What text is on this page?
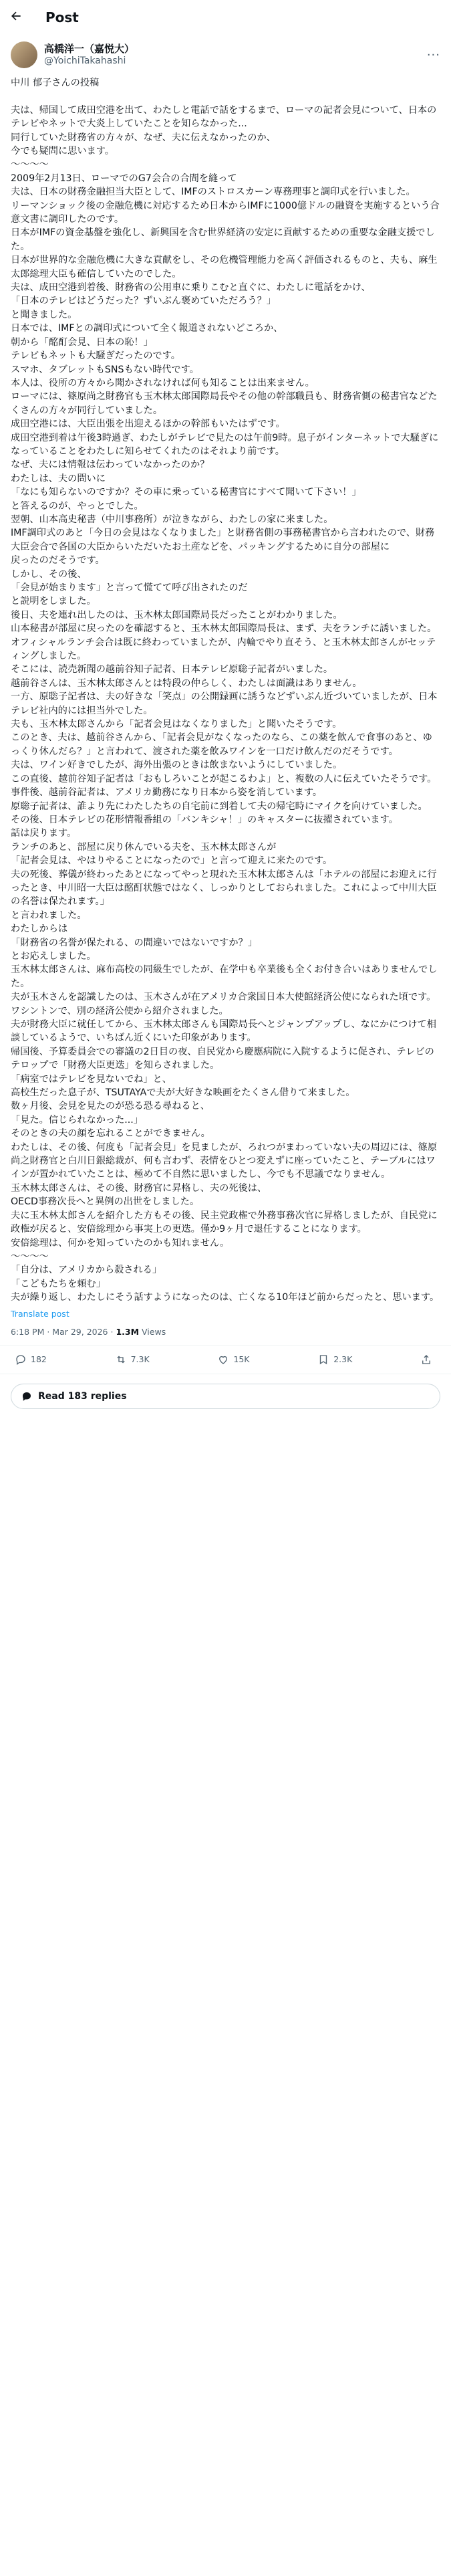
Post
高橋洋一（嘉悦大）
@YoichiTakahashi	···
中川 郁子さんの投稿
夫は、帰国して成田空港を出て、わたしと電話で話をするまで、ローマの記者会見について、日本のテレビやネットで大炎上していたことを知らなかった...
同行していた財務省の方々が、なぜ、夫に伝えなかったのか、
今でも疑問に思います。
〜〜〜〜
2009年2月13日、ローマでのG7会合の合間を縫って
夫は、日本の財務金融担当大臣として、IMFのストロスカーン専務理事と調印式を行いました。
リーマンショック後の金融危機に対応するため日本からIMFに1000億ドルの融資を実施するという合意文書に調印したのです。
日本がIMFの資金基盤を強化し、新興国を含む世界経済の安定に貢献するための重要な金融支援でした。
日本が世界的な金融危機に大きな貢献をし、その危機管理能力を高く評価されるものと、夫も、麻生太郎総理大臣も確信していたのでした。
夫は、成田空港到着後、財務省の公用車に乗りこむと直ぐに、わたしに電話をかけ、
「日本のテレビはどうだった？ずいぶん褒めていただろう？」
と聞きました。
日本では、IMFとの調印式について全く報道されないどころか、
朝から「酩酊会見、日本の恥！」
テレビもネットも大騒ぎだったのです。
スマホ、タブレットもSNSもない時代です。
本人は、役所の方々から聞かされなければ何も知ることは出来ません。
ローマには、篠原尚之財務官も玉木林太郎国際局長やその他の幹部職員も、財務省側の秘書官などたくさんの方々が同行していました。
成田空港には、大臣出張を出迎えるほかの幹部もいたはずです。
成田空港到着は午後3時過ぎ、わたしがテレビで見たのは午前9時。息子がインターネットで大騒ぎになっていることをわたしに知らせてくれたのはそれより前です。
なぜ、夫には情報は伝わっていなかったのか？
わたしは、夫の問いに
「なにも知らないのですか？その車に乗っている秘書官にすべて聞いて下さい！」
と答えるのが、やっとでした。
翌朝、山本高史秘書（中川事務所）が泣きながら、わたしの家に来ました。
IMF調印式のあと「今日の会見はなくなりました」と財務省側の事務秘書官から言われたので、財務大臣会合で各国の大臣からいただいたお土産などを、パッキングするために自分の部屋に
戻ったのだそうです。
しかし、その後、
「会見が始まります」と言って慌てて呼び出されたのだ
と説明をしました。
後日、夫を連れ出したのは、玉木林太郎国際局長だったことがわかりました。
山本秘書が部屋に戻ったのを確認すると、玉木林太郎国際局長は、まず、夫をランチに誘いました。
オフィシャルランチ会合は既に終わっていましたが、内輪でやり直そう、と玉木林太郎さんがセッティングしました。
そこには、読売新聞の越前谷知子記者、日本テレビ原聡子記者がいました。
越前谷さんは、玉木林太郎さんとは特段の仲らしく、わたしは面識はありません。
一方、原聡子記者は、夫の好きな「笑点」の公開録画に誘うなどずいぶん近づいていましたが、日本テレビ社内的には担当外でした。
夫も、玉木林太郎さんから「記者会見はなくなりました」と聞いたそうです。
このとき、夫は、越前谷さんから、「記者会見がなくなったのなら、この薬を飲んで食事のあと、ゆっくり休んだら？」と言われて、渡された薬を飲みワインを一口だけ飲んだのだそうです。
夫は、ワイン好きでしたが、海外出張のときは飲まないようにしていました。
この直後、越前谷知子記者は「おもしろいことが起こるわよ」と、複数の人に伝えていたそうです。
事件後、越前谷記者は、アメリカ勤務になり日本から姿を消しています。
原聡子記者は、誰より先にわたしたちの自宅前に到着して夫の帰宅時にマイクを向けていました。
その後、日本テレビの花形情報番組の「バンキシャ！」のキャスターに抜擢されています。
話は戻ります。
ランチのあと、部屋に戻り休んでいる夫を、玉木林太郎さんが
「記者会見は、やはりやることになったので」と言って迎えに来たのです。
夫の死後、葬儀が終わったあとになってやっと現れた玉木林太郎さんは「ホテルの部屋にお迎えに行ったとき、中川昭一大臣は酩酊状態ではなく、しっかりとしておられました。これによって中川大臣の名誉は保たれます。」
と言われました。
わたしからは
「財務省の名誉が保たれる、の間違いではないですか？」
とお応えしました。
玉木林太郎さんは、麻布高校の同級生でしたが、在学中も卒業後も全くお付き合いはありませんでした。
夫が玉木さんを認識したのは、玉木さんが在アメリカ合衆国日本大使館経済公使になられた頃です。
ワシントンで、別の経済公使から紹介されました。
夫が財務大臣に就任してから、玉木林太郎さんも国際局長へとジャンプアップし、なにかにつけて相談しているようで、いちばん近くにいた印象があります。
帰国後、予算委員会での審議の2日目の夜、自民党から慶應病院に入院するように促され、テレビのテロップで「財務大臣更迭」を知らされました。
「病室ではテレビを見ないでね」と、
高校生だった息子が、TSUTAYAで夫が大好きな映画をたくさん借りて来ました。
数ヶ月後、会見を見たのが恐る恐る尋ねると、
「見た。信じられなかった...」
そのときの夫の顔を忘れることができません。
わたしは、その後、何度も「記者会見」を見ましたが、ろれつがまわっていない夫の周辺には、篠原尚之財務官と白川日銀総裁が、何も言わず、表情をひとつ変えずに座っていたこと、テーブルにはワインが置かれていたことは、極めて不自然に思いましたし、今でも不思議でなりません。
玉木林太郎さんは、その後、財務官に昇格し、夫の死後は、
OECD事務次長へと異例の出世をしました。
夫に玉木林太郎さんを紹介した方もその後、民主党政権で外務事務次官に昇格しましたが、自民党に政権が戻ると、安倍総理から事実上の更迭。僅か9ヶ月で退任することになります。
安倍総理は、何かを知っていたのかも知れません。
〜〜〜〜
「自分は、アメリカから殺される」
「こどもたちを頼む」
夫が繰り返し、わたしにそう話すようになったのは、亡くなる10年ほど前からだったと、思います。
Translate post
6:18 PM · Mar 29, 2026 · 1.3M Views
182	7.3K	15K	2.3K
Read 183 replies
